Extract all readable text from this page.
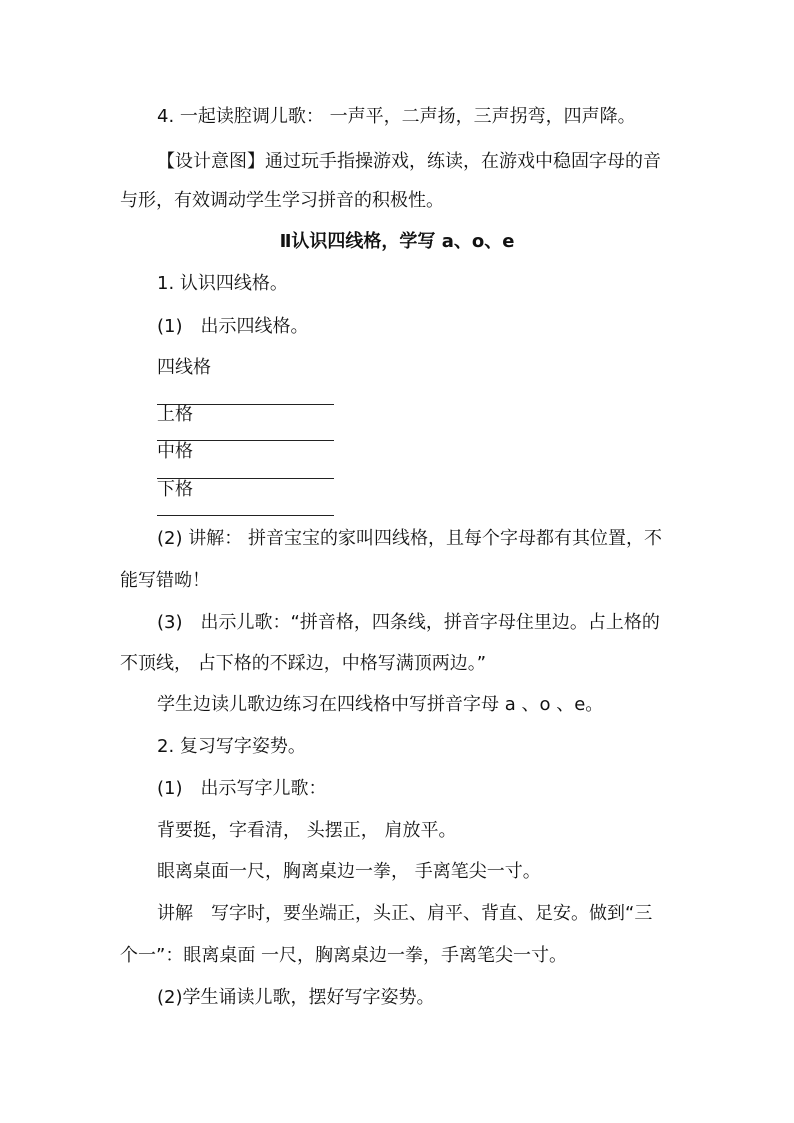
4. 一起读腔调儿歌： 一声平，二声扬，三声拐弯，四声降。
【设计意图】通过玩手指操游戏，练读，在游戏中稳固字母的音
与形，有效调动学生学习拼音的积极性。
Ⅱ认识四线格，学写 a、o、e
1. 认识四线格。
(1)　出示四线格。
四线格
上格
中格
下格
(2) 讲解： 拼音宝宝的家叫四线格，且每个字母都有其位置，不
能写错呦！
(3)　出示儿歌：“拼音格，四条线，拼音字母住里边。占上格的
不顶线， 占下格的不踩边，中格写满顶两边。”
学生边读儿歌边练习在四线格中写拼音字母 a 、o 、e。
2. 复习写字姿势。
(1)　出示写字儿歌：
背要挺，字看清， 头摆正， 肩放平。
眼离桌面一尺，胸离桌边一拳， 手离笔尖一寸。
讲解　写字时，要坐端正，头正、肩平、背直、足安。做到“三
个一”：眼离桌面 一尺，胸离桌边一拳，手离笔尖一寸。
(2)学生诵读儿歌，摆好写字姿势。
